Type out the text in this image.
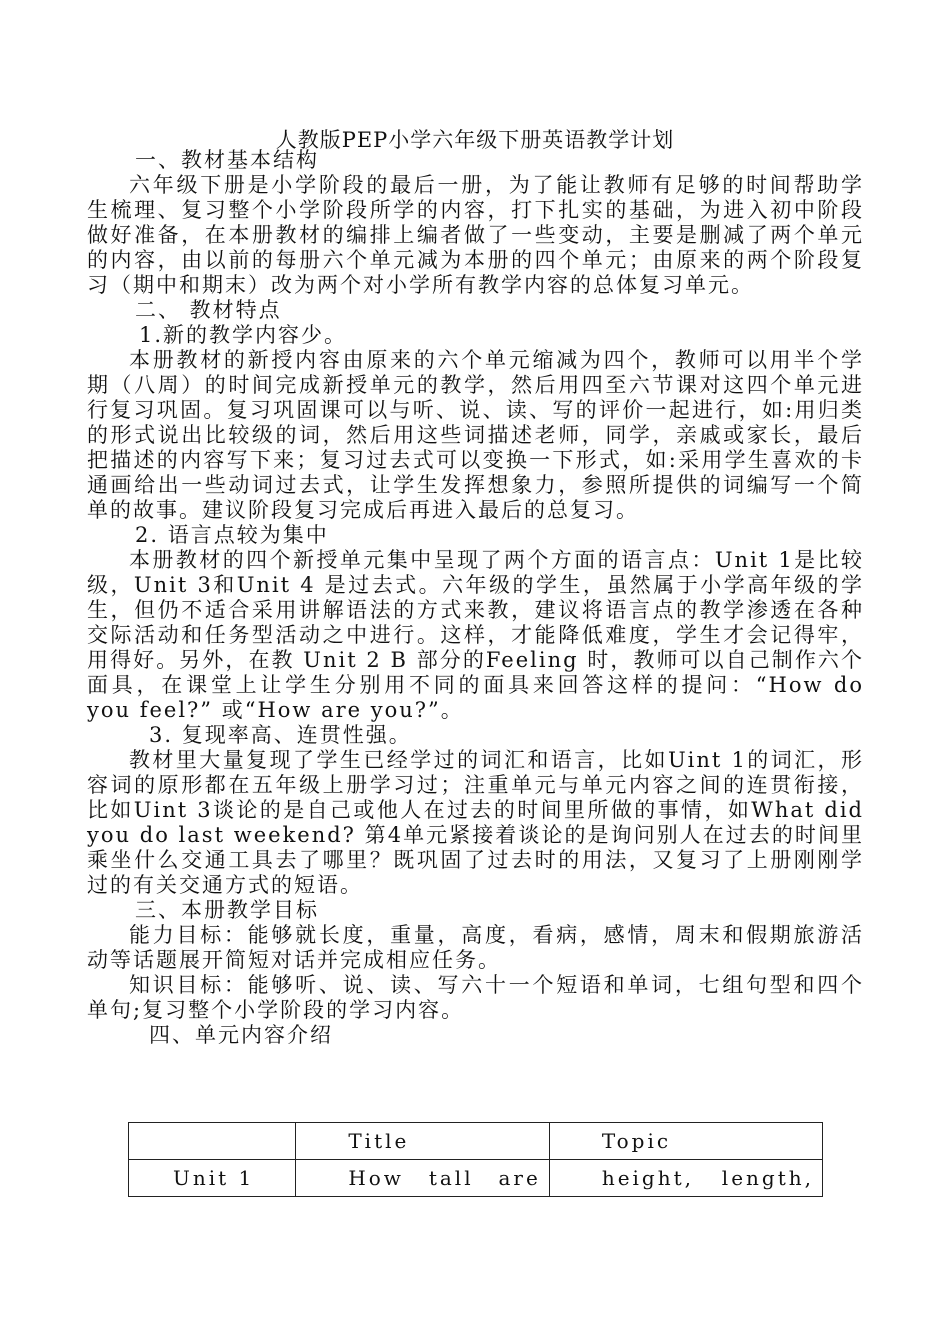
人教版PEP小学六年级下册英语教学计划

一、教材基本结构

六年级下册是小学阶段的最后一册，为了能让教师有足够的时间帮助学生梳理、复习整个小学阶段所学的内容，打下扎实的基础，为进入初中阶段做好准备，在本册教材的编排上编者做了一些变动，主要是删减了两个单元的内容，由以前的每册六个单元减为本册的四个单元；由原来的两个阶段复习（期中和期末）改为两个对小学所有教学内容的总体复习单元。

二、 教材特点

1.新的教学内容少。

本册教材的新授内容由原来的六个单元缩减为四个，教师可以用半个学期（八周）的时间完成新授单元的教学，然后用四至六节课对这四个单元进行复习巩固。复习巩固课可以与听、说、读、写的评价一起进行，如:用归类的形式说出比较级的词，然后用这些词描述老师，同学，亲戚或家长，最后把描述的内容写下来；复习过去式可以变换一下形式，如:采用学生喜欢的卡通画给出一些动词过去式，让学生发挥想象力，参照所提供的词编写一个简单的故事。建议阶段复习完成后再进入最后的总复习。

2. 语言点较为集中

本册教材的四个新授单元集中呈现了两个方面的语言点：Unit 1是比较级，Unit 3和Unit 4 是过去式。六年级的学生，虽然属于小学高年级的学生，但仍不适合采用讲解语法的方式来教，建议将语言点的教学渗透在各种交际活动和任务型活动之中进行。这样，才能降低难度，学生才会记得牢，用得好。另外，在教 Unit 2 B 部分的Feeling 时，教师可以自己制作六个面具，在课堂上让学生分别用不同的面具来回答这样的提问：“How do you feel?” 或“How are you?”。

3. 复现率高、连贯性强。

教材里大量复现了学生已经学过的词汇和语言，比如Uint 1的词汇，形容词的原形都在五年级上册学习过；注重单元与单元内容之间的连贯衔接，比如Uint 3谈论的是自己或他人在过去的时间里所做的事情，如What did you do last weekend? 第4单元紧接着谈论的是询问别人在过去的时间里乘坐什么交通工具去了哪里？既巩固了过去时的用法，又复习了上册刚刚学过的有关交通方式的短语。

三、本册教学目标

能力目标：能够就长度，重量，高度，看病，感情，周末和假期旅游活动等话题展开简短对话并完成相应任务。

知识目标：能够听、说、读、写六十一个短语和单词，七组句型和四个单句;复习整个小学阶段的学习内容。

四、单元内容介绍

	Title	Topic
Unit 1	How tall are	height, length,
